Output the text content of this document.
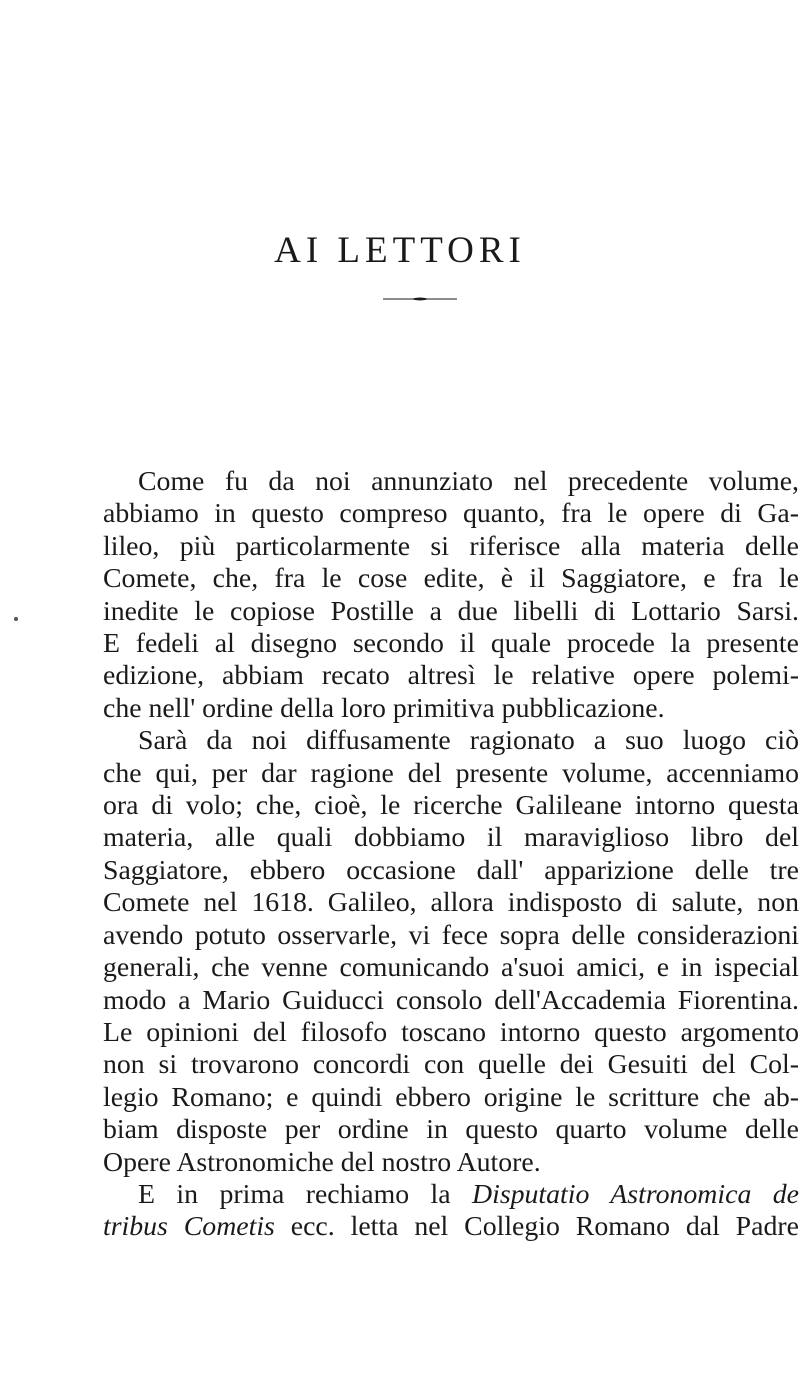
AI LETTORI
Come fu da noi annunziato nel precedente volume,
abbiamo in questo compreso quanto, fra le opere di Ga-
lileo, più particolarmente si riferisce alla materia delle
Comete, che, fra le cose edite, è il Saggiatore, e fra le
inedite le copiose Postille a due libelli di Lottario Sarsi.
E fedeli al disegno secondo il quale procede la presente
edizione, abbiam recato altresì le relative opere polemi-
che nell' ordine della loro primitiva pubblicazione.
Sarà da noi diffusamente ragionato a suo luogo ciò
che qui, per dar ragione del presente volume, accenniamo
ora di volo; che, cioè, le ricerche Galileane intorno questa
materia, alle quali dobbiamo il maraviglioso libro del
Saggiatore, ebbero occasione dall' apparizione delle tre
Comete nel 1618. Galileo, allora indisposto di salute, non
avendo potuto osservarle, vi fece sopra delle considerazioni
generali, che venne comunicando a'suoi amici, e in ispecial
modo a Mario Guiducci consolo dell'Accademia Fiorentina.
Le opinioni del filosofo toscano intorno questo argomento
non si trovarono concordi con quelle dei Gesuiti del Col-
legio Romano; e quindi ebbero origine le scritture che ab-
biam disposte per ordine in questo quarto volume delle
Opere Astronomiche del nostro Autore.
E in prima rechiamo la Disputatio Astronomica de
tribus Cometis ecc. letta nel Collegio Romano dal Padre
